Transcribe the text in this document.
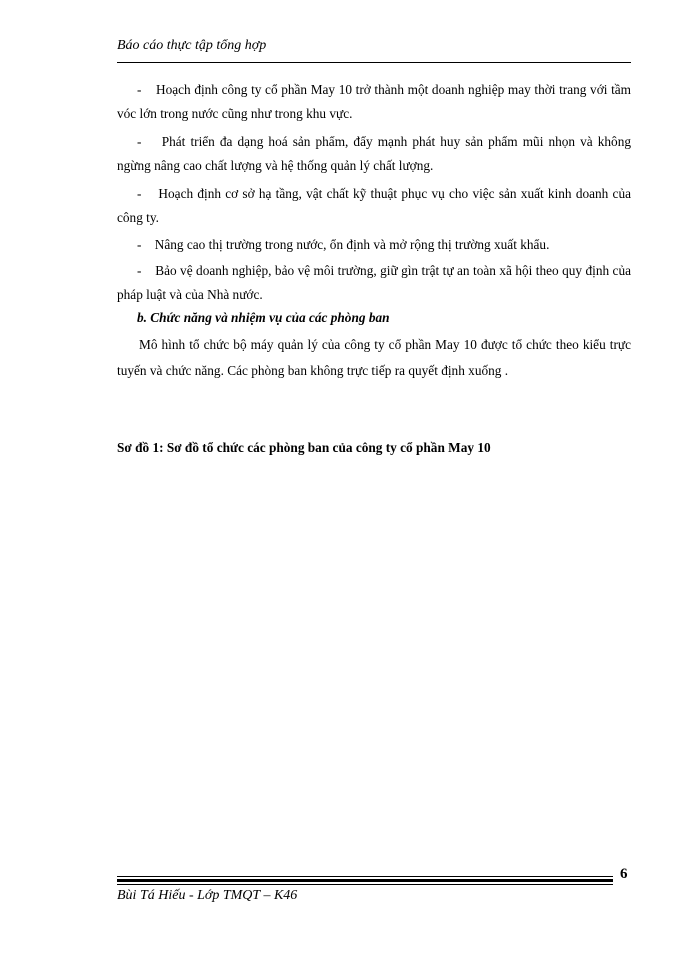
Báo cáo thực tập tổng hợp
- Hoạch định công ty cổ phần May 10 trở thành một doanh nghiệp may thời trang với tầm vóc lớn trong nước cũng như trong khu vực.
- Phát triển đa dạng hoá sản phẩm, đẩy mạnh phát huy sản phẩm mũi nhọn và không ngừng nâng cao chất lượng và hệ thống quản lý chất lượng.
- Hoạch định cơ sở hạ tầng, vật chất kỹ thuật phục vụ cho việc sản xuất kinh doanh của công ty.
- Nâng cao thị trường trong nước, ổn định và mở rộng thị trường xuất khẩu.
- Bảo vệ doanh nghiệp, bảo vệ môi trường, giữ gìn trật tự an toàn xã hội theo quy định của pháp luật và của Nhà nước.
b. Chức năng và nhiệm vụ của các phòng ban
Mô hình tổ chức bộ máy quản lý của công ty cổ phần May 10 được tổ chức theo kiểu trực tuyến và chức năng. Các phòng ban không trực tiếp ra quyết định xuống .
Sơ đồ 1: Sơ đồ tổ chức các phòng ban của công ty cổ phần May 10
6
Bùi Tá Hiếu - Lớp TMQT – K46
